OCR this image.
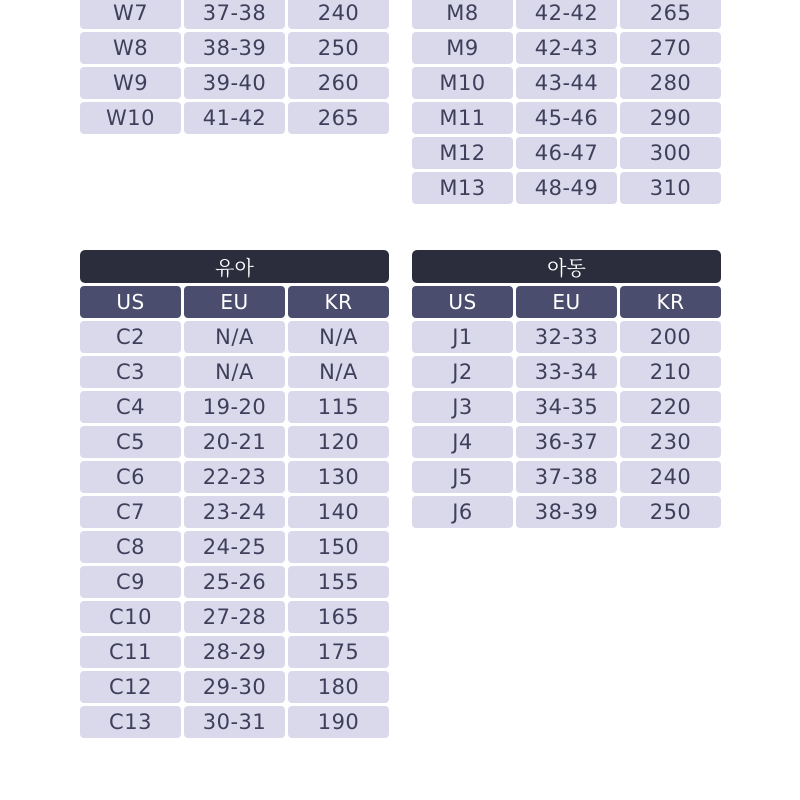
W7	37-38	240
W8	38-39	250
W9	39-40	260
W10	41-42	265
M8	42-42	265
M9	42-43	270
M10	43-44	280
M11	45-46	290
M12	46-47	300
M13	48-49	310
유아
US	EU	KR
C2	N/A	N/A
C3	N/A	N/A
C4	19-20	115
C5	20-21	120
C6	22-23	130
C7	23-24	140
C8	24-25	150
C9	25-26	155
C10	27-28	165
C11	28-29	175
C12	29-30	180
C13	30-31	190
아동
US	EU	KR
J1	32-33	200
J2	33-34	210
J3	34-35	220
J4	36-37	230
J5	37-38	240
J6	38-39	250
